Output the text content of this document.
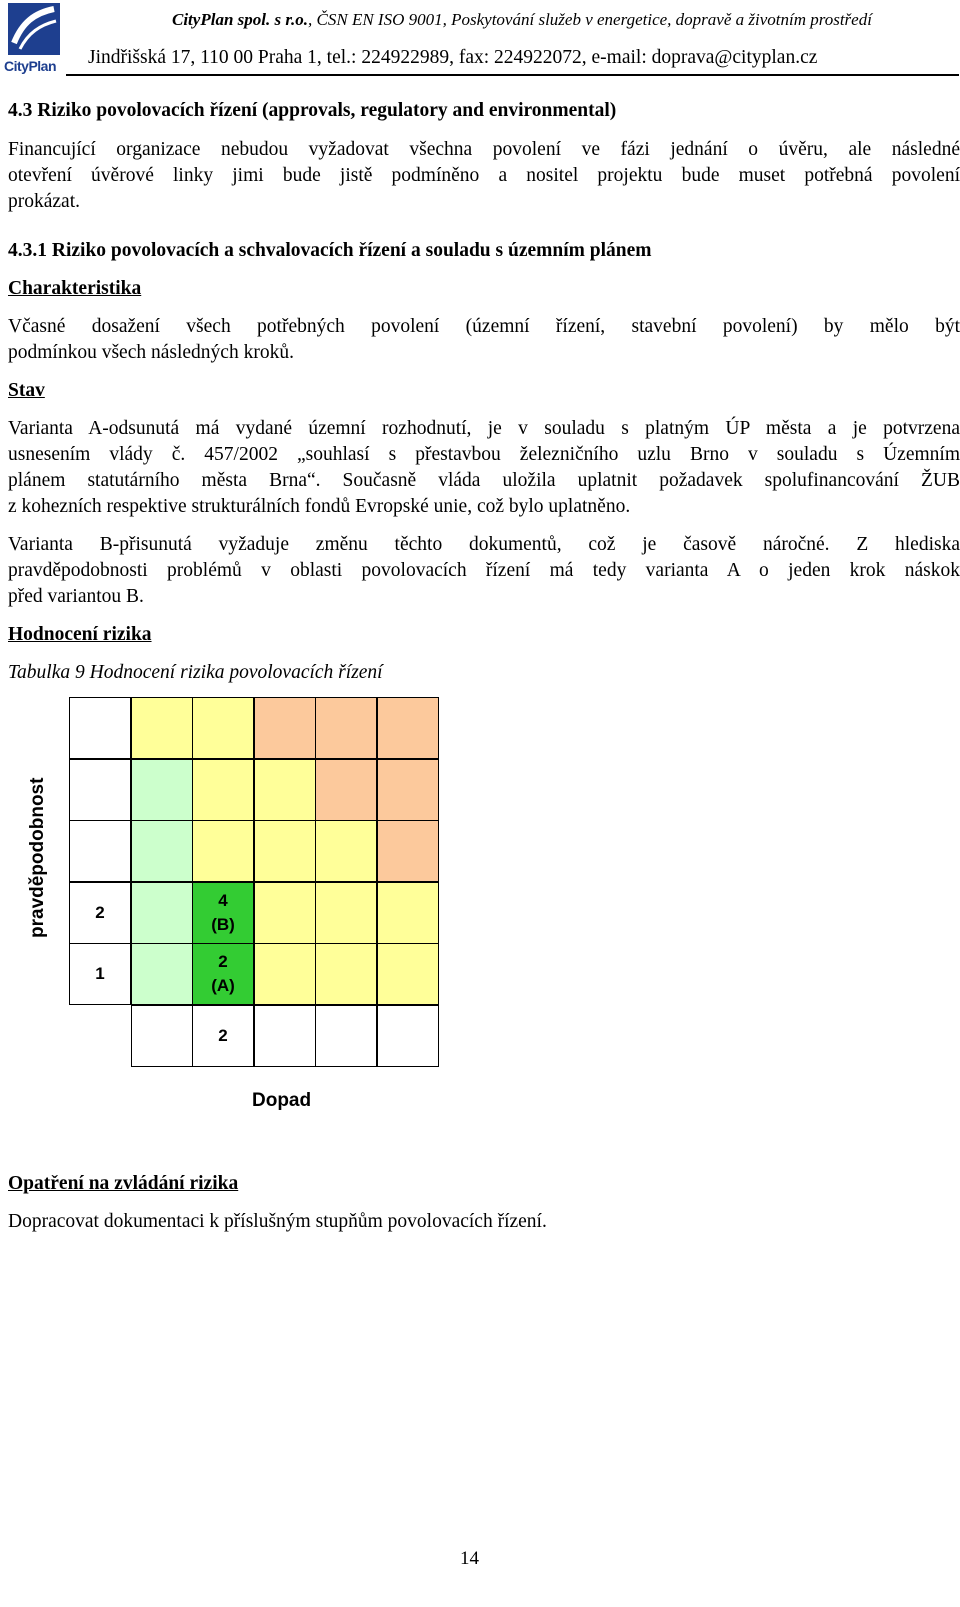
CityPlan
CityPlan spol. s r.o., ČSN EN ISO 9001, Poskytování služeb v energetice, dopravě a životním prostředí
Jindřišská 17, 110 00 Praha 1, tel.: 224922989, fax: 224922072, e-mail: doprava@cityplan.cz
4.3 Riziko povolovacích řízení (approvals, regulatory and environmental)
Financující organizace nebudou vyžadovat všechna povolení ve fázi jednání o úvěru, ale následné
otevření úvěrové linky jimi bude jistě podmíněno a nositel projektu bude muset potřebná povolení
prokázat.
4.3.1 Riziko povolovacích a schvalovacích řízení a souladu s územním plánem
Charakteristika
Včasné dosažení všech potřebných povolení (územní řízení, stavební povolení) by mělo být
podmínkou všech následných kroků.
Stav
Varianta A-odsunutá má vydané územní rozhodnutí, je v souladu s platným ÚP města a je potvrzena
usnesením vlády č. 457/2002 „souhlasí s přestavbou železničního uzlu Brno v souladu s Územním
plánem statutárního města Brna“. Současně vláda uložila uplatnit požadavek spolufinancování ŽUB
z kohezních respektive strukturálních fondů Evropské unie, což bylo uplatněno.
Varianta B-přisunutá vyžaduje změnu těchto dokumentů, což je časově náročné. Z hlediska
pravděpodobnosti problémů v oblasti povolovacích řízení má tedy varianta A o jeden krok náskok
před variantou B.
Hodnocení rizika
Tabulka 9 Hodnocení rizika povolovacích řízení
pravděpodobnost	2
4
(B)
1
2
(A)
2
Dopad
Opatření na zvládání rizika
Dopracovat dokumentaci k příslušným stupňům povolovacích řízení.
14
